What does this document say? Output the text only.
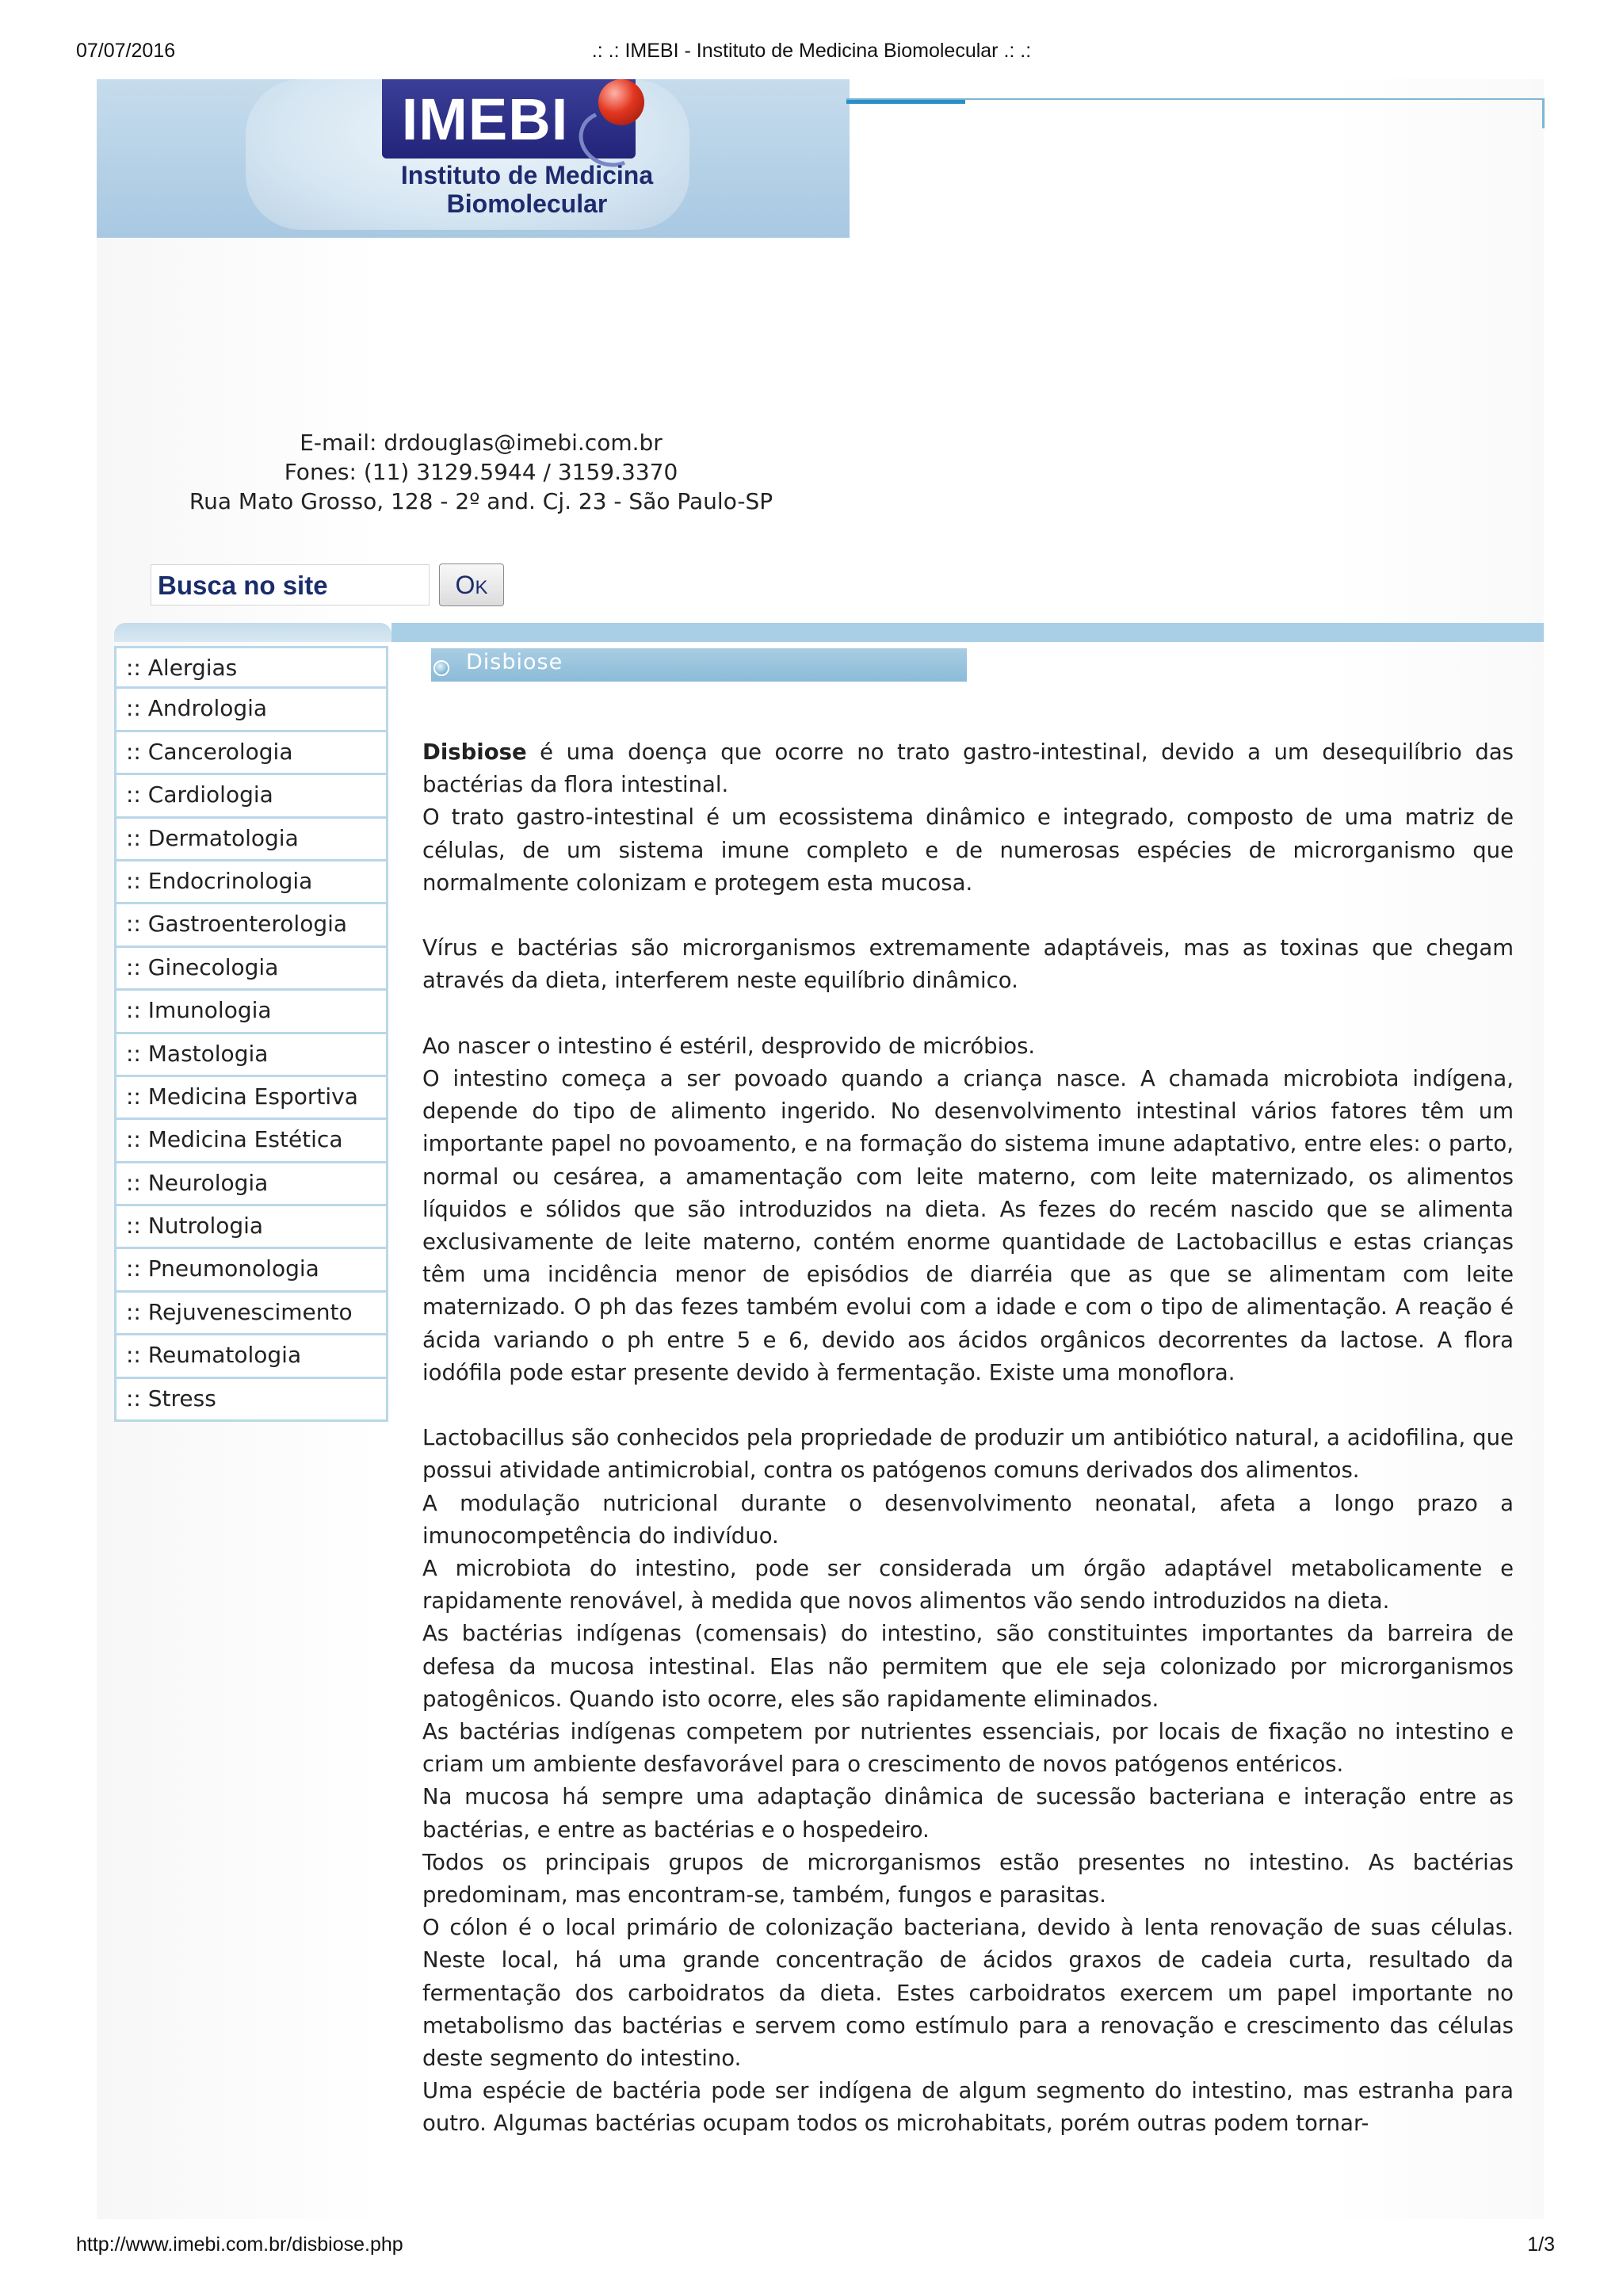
07/07/2016	.: .: IMEBI - Instituto de Medicina Biomolecular .: .:
IMEBI
Instituto de Medicina
Biomolecular
E-mail: drdouglas@imebi.com.br
Fones: (11) 3129.5944 / 3159.3370
Rua Mato Grosso, 128 - 2º and. Cj. 23 - São Paulo-SP
Busca no site	OK
:: Alergias
:: Andrologia
:: Cancerologia
:: Cardiologia
:: Dermatologia
:: Endocrinologia
:: Gastroenterologia
:: Ginecologia
:: Imunologia
:: Mastologia
:: Medicina Esportiva
:: Medicina Estética
:: Neurologia
:: Nutrologia
:: Pneumonologia
:: Rejuvenescimento
:: Reumatologia
:: Stress
Disbiose

Disbiose é uma doença que ocorre no trato gastro-intestinal, devido a um desequilíbrio das bactérias da flora intestinal.

O trato gastro-intestinal é um ecossistema dinâmico e integrado, composto de uma matriz de células, de um sistema imune completo e de numerosas espécies de microrganismo que normalmente colonizam e protegem esta mucosa.

Vírus e bactérias são microrganismos extremamente adaptáveis, mas as toxinas que chegam através da dieta, interferem neste equilíbrio dinâmico.

Ao nascer o intestino é estéril, desprovido de micróbios.

O intestino começa a ser povoado quando a criança nasce. A chamada microbiota indígena, depende do tipo de alimento ingerido. No desenvolvimento intestinal vários fatores têm um importante papel no povoamento, e na formação do sistema imune adaptativo, entre eles: o parto, normal ou cesárea, a amamentação com leite materno, com leite maternizado, os alimentos líquidos e sólidos que são introduzidos na dieta. As fezes do recém nascido que se alimenta exclusivamente de leite materno, contém enorme quantidade de Lactobacillus e estas crianças têm uma incidência menor de episódios de diarréia que as que se alimentam com leite maternizado. O ph das fezes também evolui com a idade e com o tipo de alimentação. A reação é ácida variando o ph entre 5 e 6, devido aos ácidos orgânicos decorrentes da lactose. A flora iodófila pode estar presente devido à fermentação. Existe uma monoflora.

Lactobacillus são conhecidos pela propriedade de produzir um antibiótico natural, a acidofilina, que possui atividade antimicrobial, contra os patógenos comuns derivados dos alimentos.

A modulação nutricional durante o desenvolvimento neonatal, afeta a longo prazo a imunocompetência do indivíduo.

A microbiota do intestino, pode ser considerada um órgão adaptável metabolicamente e rapidamente renovável, à medida que novos alimentos vão sendo introduzidos na dieta.

As bactérias indígenas (comensais) do intestino, são constituintes importantes da barreira de defesa da mucosa intestinal. Elas não permitem que ele seja colonizado por microrganismos patogênicos. Quando isto ocorre, eles são rapidamente eliminados.

As bactérias indígenas competem por nutrientes essenciais, por locais de fixação no intestino e criam um ambiente desfavorável para o crescimento de novos patógenos entéricos.

Na mucosa há sempre uma adaptação dinâmica de sucessão bacteriana e interação entre as bactérias, e entre as bactérias e o hospedeiro.

Todos os principais grupos de microrganismos estão presentes no intestino. As bactérias predominam, mas encontram-se, também, fungos e parasitas.

O cólon é o local primário de colonização bacteriana, devido à lenta renovação de suas células. Neste local, há uma grande concentração de ácidos graxos de cadeia curta, resultado da fermentação dos carboidratos da dieta. Estes carboidratos exercem um papel importante no metabolismo das bactérias e servem como estímulo para a renovação e crescimento das células deste segmento do intestino.

Uma espécie de bactéria pode ser indígena de algum segmento do intestino, mas estranha para outro. Algumas bactérias ocupam todos os microhabitats, porém outras podem tornar-

http://www.imebi.com.br/disbiose.php	1/3
